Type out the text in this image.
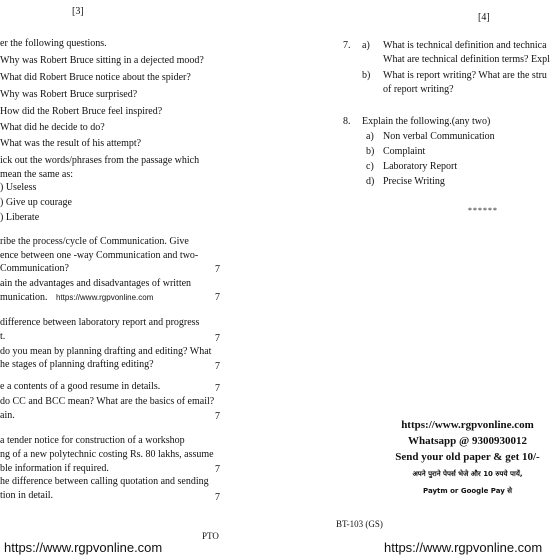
[3]
er the following questions.
Why was Robert Bruce sitting in a dejected mood?
What did Robert Bruce notice about the spider?
Why was Robert Bruce surprised?
How did the Robert Bruce feel inspired?
What did he decide to do?
What was the result of his attempt?
ick out the words/phrases from the passage which
mean the same as:
) Useless
) Give up courage
) Liberate
ribe the process/cycle of Communication. Give
ence between one -way Communication and two-
Communication?	7
ain the advantages and disadvantages of written
munication. https://www.rgpvonline.com	7
difference between laboratory report and progress
t.	7
do you mean by planning drafting and editing? What
he stages of planning drafting editing?	7
e a contents of a good resume in details.	7
do CC and BCC mean? What are the basics of email?
ain.	7
a tender notice for construction of a workshop
ng of a new polytechnic costing Rs. 80 lakhs, assume
ble information if required.	7
he difference between calling quotation and sending
tion in detail.	7
PTO
https://www.rgpvonline.com
[4]
7. a) What is technical definition and technica
What are technical definition terms? Expl
b) What is report writing? What are the stru
of report writing?
8. Explain the following.(any two)
a) Non verbal Communication
b) Complaint
c) Laboratory Report
d) Precise Writing
******
https://www.rgpvonline.com
Whatsapp @ 9300930012
Send your old paper & get 10/-
अपने पुराने पेपर्स भेजे और 10 रुपये पायें,
Paytm or Google Pay से
BT-103 (GS)
https://www.rgpvonline.com
